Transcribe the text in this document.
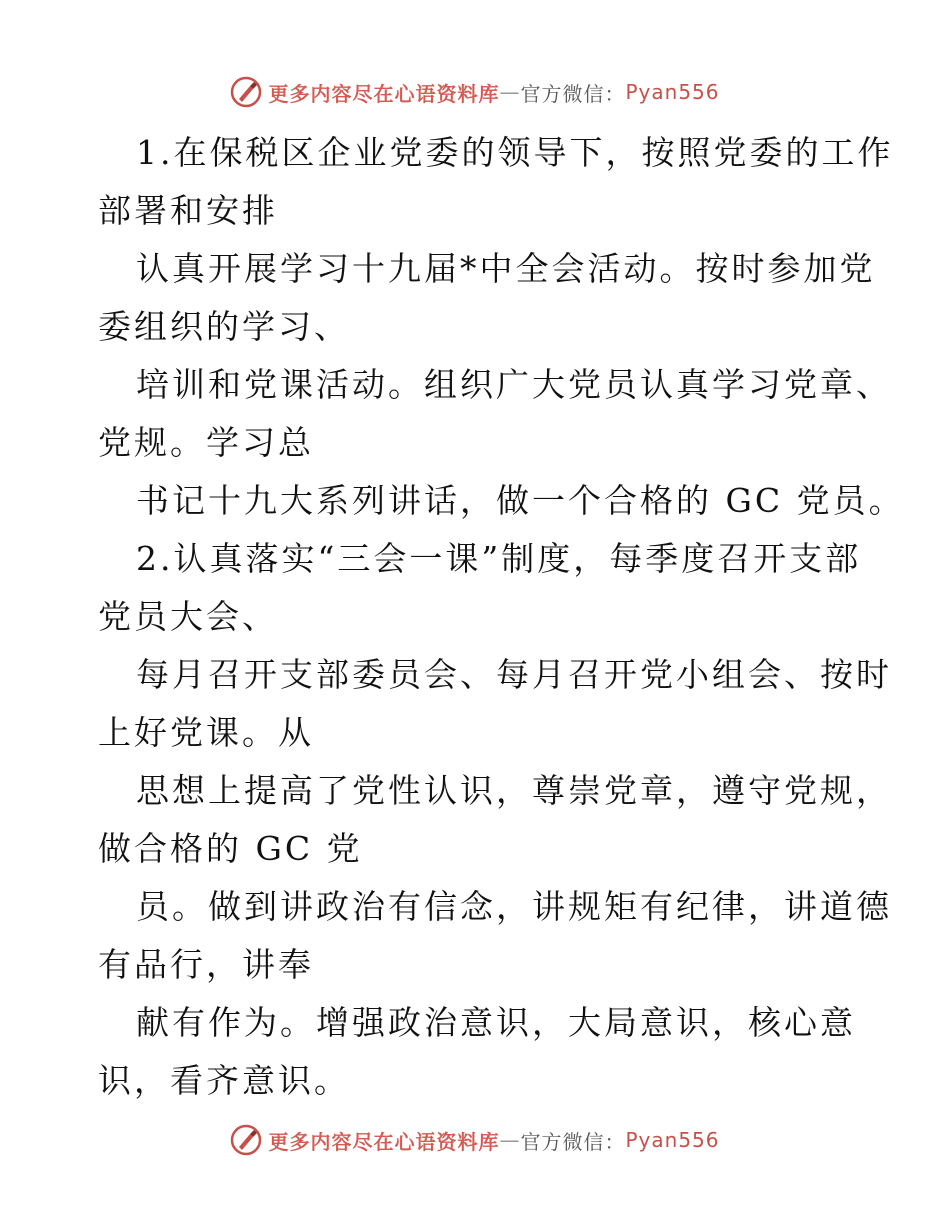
更多内容尽在心语资料库 — 官方微信： Pyan556

1.在保税区企业党委的领导下，按照党委的工作

部署和安排

认真开展学习十九届*中全会活动。按时参加党

委组织的学习、

培训和党课活动。组织广大党员认真学习党章、

党规。学习总

书记十九大系列讲话，做一个合格的 GC 党员。

2.认真落实“三会一课”制度，每季度召开支部

党员大会、

每月召开支部委员会、每月召开党小组会、按时

上好党课。从

思想上提高了党性认识，尊崇党章，遵守党规，

做合格的 GC 党

员。做到讲政治有信念，讲规矩有纪律，讲道德

有品行，讲奉

献有作为。增强政治意识，大局意识，核心意

识，看齐意识。

更多内容尽在心语资料库 — 官方微信： Pyan556
